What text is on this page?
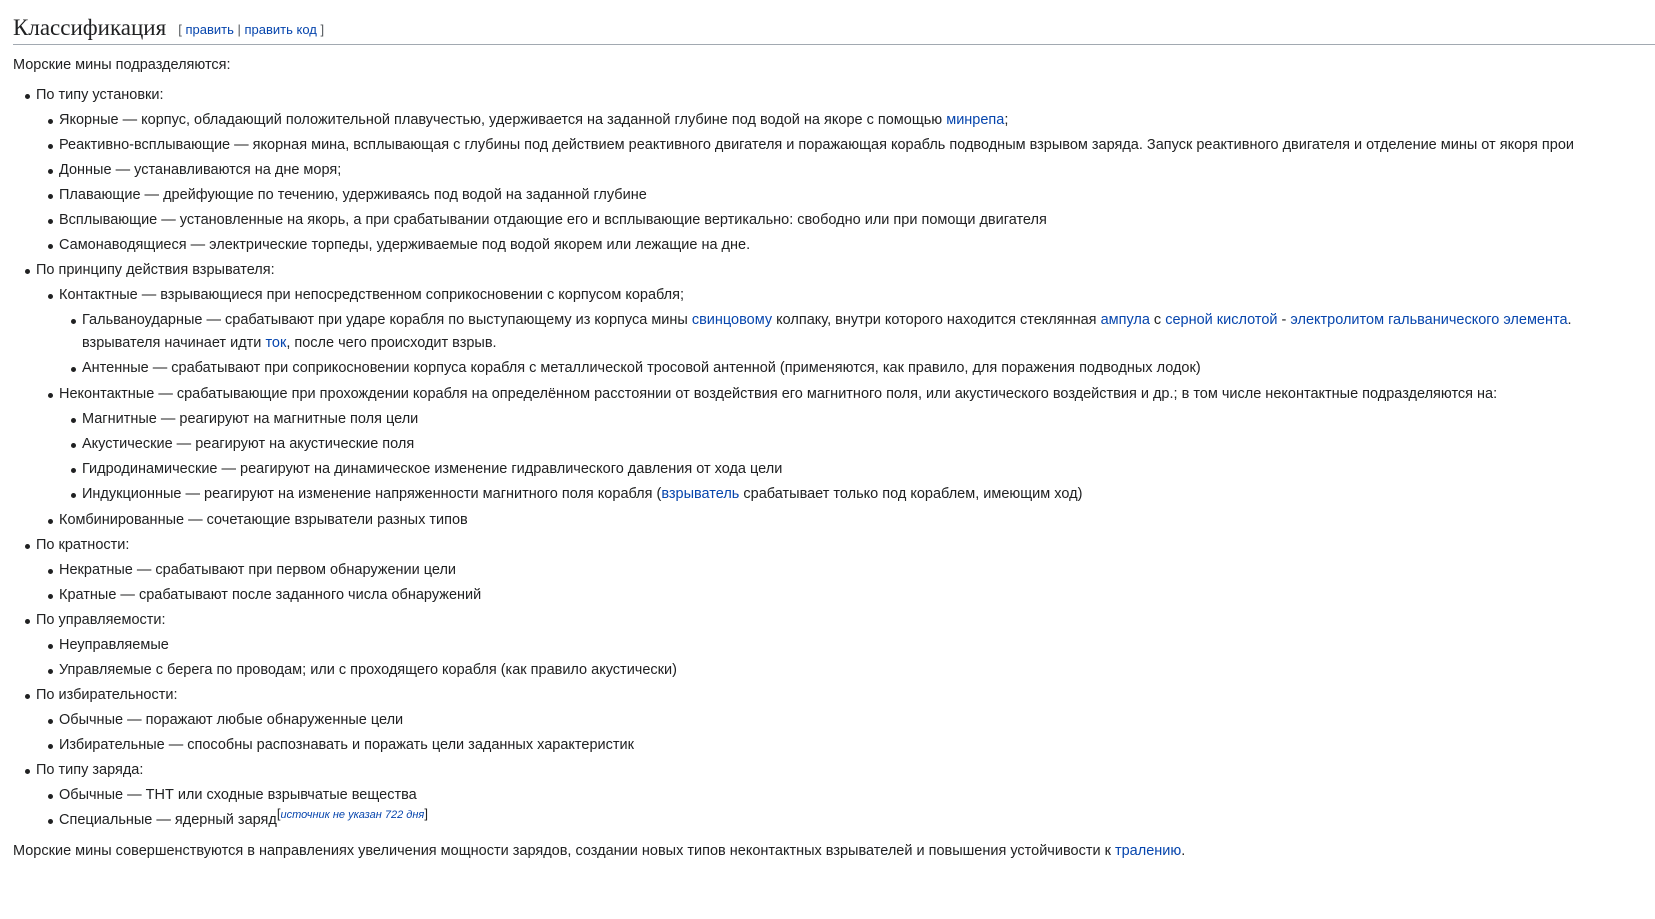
Классификация [ править | править код ]

Морские мины подразделяются:

По типу установки:
Якорные — корпус, обладающий положительной плавучестью, удерживается на заданной глубине под водой на якоре с помощью минрепа;
Реактивно-всплывающие — якорная мина, всплывающая с глубины под действием реактивного двигателя и поражающая корабль подводным взрывом заряда. Запуск реактивного двигателя и отделение мины от якоря прои
Донные — устанавливаются на дне моря;
Плавающие — дрейфующие по течению, удерживаясь под водой на заданной глубине
Всплывающие — установленные на якорь, а при срабатывании отдающие его и всплывающие вертикально: свободно или при помощи двигателя
Самонаводящиеся — электрические торпеды, удерживаемые под водой якорем или лежащие на дне.
По принципу действия взрывателя:
Контактные — взрывающиеся при непосредственном соприкосновении с корпусом корабля;
Гальваноударные — срабатывают при ударе корабля по выступающему из корпуса мины свинцовому колпаку, внутри которого находится стеклянная ампула с серной кислотой - электролитом гальванического элемента.
взрывателя начинает идти ток, после чего происходит взрыв.
Антенные — срабатывают при соприкосновении корпуса корабля с металлической тросовой антенной (применяются, как правило, для поражения подводных лодок)
Неконтактные — срабатывающие при прохождении корабля на определённом расстоянии от воздействия его магнитного поля, или акустического воздействия и др.; в том числе неконтактные подразделяются на:
Магнитные — реагируют на магнитные поля цели
Акустические — реагируют на акустические поля
Гидродинамические — реагируют на динамическое изменение гидравлического давления от хода цели
Индукционные — реагируют на изменение напряженности магнитного поля корабля (взрыватель срабатывает только под кораблем, имеющим ход)
Комбинированные — сочетающие взрыватели разных типов
По кратности:
Некратные — срабатывают при первом обнаружении цели
Кратные — срабатывают после заданного числа обнаружений
По управляемости:
Неуправляемые
Управляемые с берега по проводам; или с проходящего корабля (как правило акустически)
По избирательности:
Обычные — поражают любые обнаруженные цели
Избирательные — способны распознавать и поражать цели заданных характеристик
По типу заряда:
Обычные — ТНТ или сходные взрывчатые вещества
Специальные — ядерный заряд[источник не указан 722 дня]

Морские мины совершенствуются в направлениях увеличения мощности зарядов, создании новых типов неконтактных взрывателей и повышения устойчивости к тралению.
